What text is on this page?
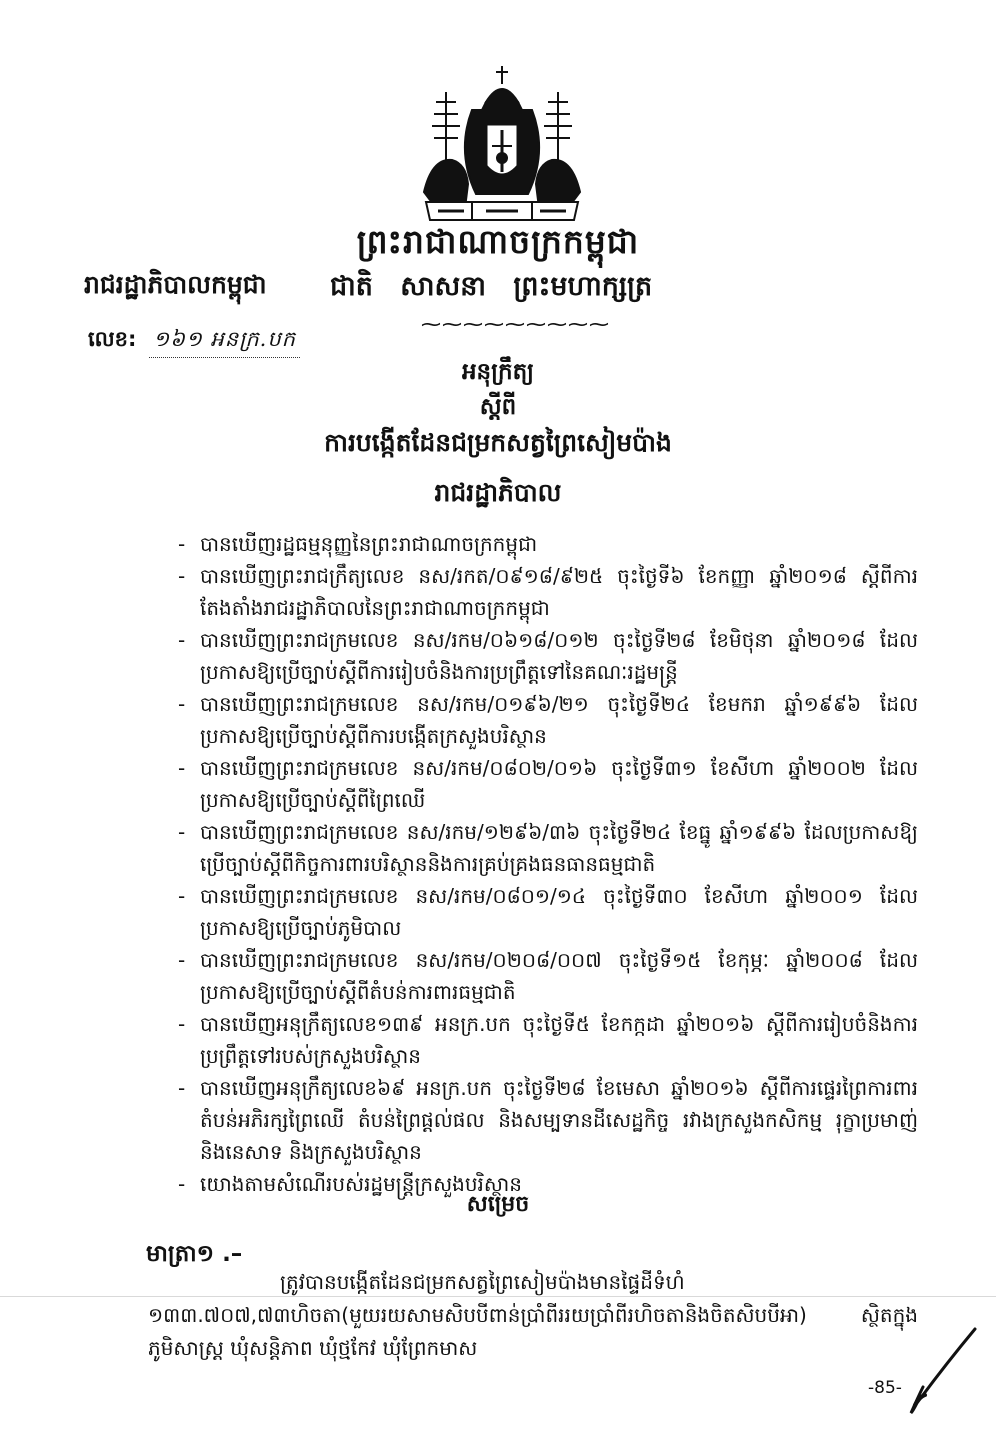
ព្រះរាជាណាចក្រកម្ពុជា
រាជរដ្ឋាភិបាលកម្ពុជា ជាតិ សាសនា ព្រះមហាក្សត្រ
⁓⁓⁓⁓⁓⁓⁓⁓⁓
លេខ: ១៦១ អនក្រ.បក
អនុក្រឹត្យ
ស្តីពី
ការបង្កើតដែនជម្រកសត្វព្រៃសៀមប៉ាង
រាជរដ្ឋាភិបាល
- បានឃើញរដ្ឋធម្មនុញ្ញនៃព្រះរាជាណាចក្រកម្ពុជា
- បានឃើញព្រះរាជក្រឹត្យលេខ នស/រកត/០៩១៨/៩២៥ ចុះថ្ងៃទី៦ ខែកញ្ញា ឆ្នាំ២០១៨ ស្តីពីការតែងតាំងរាជរដ្ឋាភិបាលនៃព្រះរាជាណាចក្រកម្ពុជា
- បានឃើញព្រះរាជក្រមលេខ នស/រកម/០៦១៨/០១២ ចុះថ្ងៃទី២៨ ខែមិថុនា ឆ្នាំ២០១៨ ដែលប្រកាសឱ្យប្រើច្បាប់ស្តីពីការរៀបចំនិងការប្រព្រឹត្តទៅនៃគណៈរដ្ឋមន្ត្រី
- បានឃើញព្រះរាជក្រមលេខ នស/រកម/០១៩៦/២១ ចុះថ្ងៃទី២៤ ខែមករា ឆ្នាំ១៩៩៦ ដែលប្រកាសឱ្យប្រើច្បាប់ស្តីពីការបង្កើតក្រសួងបរិស្ថាន
- បានឃើញព្រះរាជក្រមលេខ នស/រកម/០៨០២/០១៦ ចុះថ្ងៃទី៣១ ខែសីហា ឆ្នាំ២០០២ ដែលប្រកាសឱ្យប្រើច្បាប់ស្តីពីព្រៃឈើ
- បានឃើញព្រះរាជក្រមលេខ នស/រកម/១២៩៦/៣៦ ចុះថ្ងៃទី២៤ ខែធ្នូ ឆ្នាំ១៩៩៦ ដែលប្រកាសឱ្យប្រើច្បាប់ស្តីពីកិច្ចការពារបរិស្ថាននិងការគ្រប់គ្រងធនធានធម្មជាតិ
- បានឃើញព្រះរាជក្រមលេខ នស/រកម/០៨០១/១៤ ចុះថ្ងៃទី៣០ ខែសីហា ឆ្នាំ២០០១ ដែលប្រកាសឱ្យប្រើច្បាប់ភូមិបាល
- បានឃើញព្រះរាជក្រមលេខ នស/រកម/០២០៨/០០៧ ចុះថ្ងៃទី១៥ ខែកុម្ភៈ ឆ្នាំ២០០៨ ដែលប្រកាសឱ្យប្រើច្បាប់ស្តីពីតំបន់ការពារធម្មជាតិ
- បានឃើញអនុក្រឹត្យលេខ១៣៩ អនក្រ.បក ចុះថ្ងៃទី៥ ខែកក្កដា ឆ្នាំ២០១៦ ស្តីពីការរៀបចំនិងការប្រព្រឹត្តទៅរបស់ក្រសួងបរិស្ថាន
- បានឃើញអនុក្រឹត្យលេខ៦៩ អនក្រ.បក ចុះថ្ងៃទី២៨ ខែមេសា ឆ្នាំ២០១៦ ស្តីពីការផ្ទេរព្រៃការពារ តំបន់អភិរក្សព្រៃឈើ តំបន់ព្រៃផ្តល់ផល និងសម្បទានដីសេដ្ឋកិច្ច រវាងក្រសួងកសិកម្ម រុក្ខាប្រមាញ់ និងនេសាទ និងក្រសួងបរិស្ថាន
- យោងតាមសំណើរបស់រដ្ឋមន្ត្រីក្រសួងបរិស្ថាន
សម្រេច
មាត្រា១ .–
ត្រូវបានបង្កើតដែនជម្រកសត្វព្រៃសៀមប៉ាងមានផ្ទៃដីទំហំ ១៣៣.៧០៧,៧៣ហិចតា(មួយរយសាមសិបបីពាន់ប្រាំពីររយប្រាំពីរហិចតានិងចិតសិបបីអា) ស្ថិតក្នុងភូមិសាស្ត្រ ឃុំសន្តិភាព ឃុំថ្មកែវ ឃុំព្រែកមាស
-85-
